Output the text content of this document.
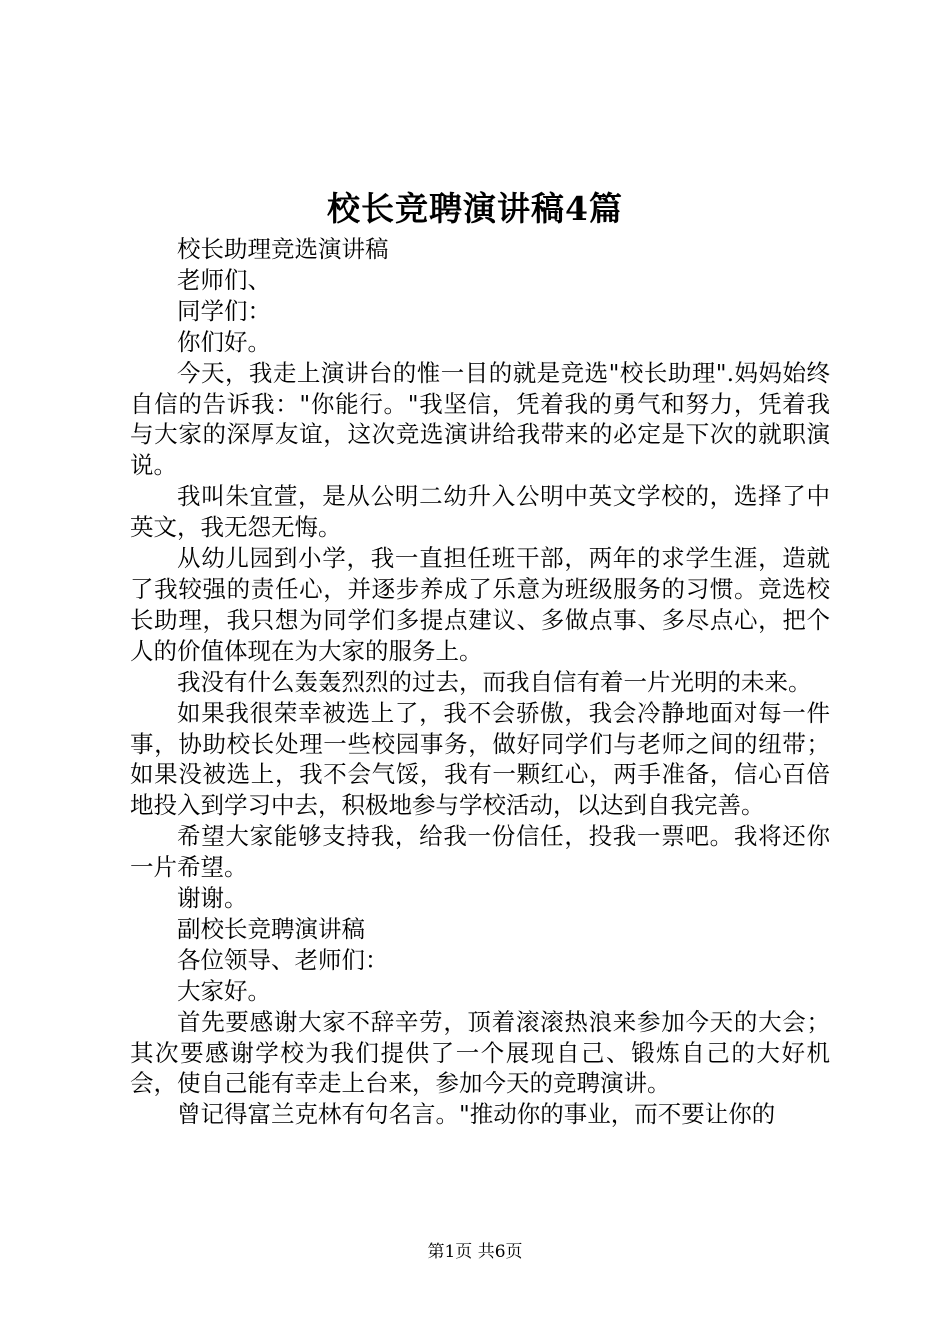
校长竞聘演讲稿4篇

校长助理竞选演讲稿

老师们、

同学们：

你们好。

今天，我走上演讲台的惟一目的就是竞选"校长助理".妈妈始终自信的告诉我："你能行。"我坚信，凭着我的勇气和努力，凭着我与大家的深厚友谊，这次竞选演讲给我带来的必定是下次的就职演说。

我叫朱宜萱，是从公明二幼升入公明中英文学校的，选择了中英文，我无怨无悔。

从幼儿园到小学，我一直担任班干部，两年的求学生涯，造就了我较强的责任心，并逐步养成了乐意为班级服务的习惯。竞选校长助理，我只想为同学们多提点建议、多做点事、多尽点心，把个人的价值体现在为大家的服务上。

我没有什么轰轰烈烈的过去，而我自信有着一片光明的未来。

如果我很荣幸被选上了，我不会骄傲，我会冷静地面对每一件事，协助校长处理一些校园事务，做好同学们与老师之间的纽带；如果没被选上，我不会气馁，我有一颗红心，两手准备，信心百倍地投入到学习中去，积极地参与学校活动，以达到自我完善。

希望大家能够支持我，给我一份信任，投我一票吧。我将还你一片希望。

谢谢。

副校长竞聘演讲稿

各位领导、老师们：

大家好。

首先要感谢大家不辞辛劳，顶着滚滚热浪来参加今天的大会；其次要感谢学校为我们提供了一个展现自己、锻炼自己的大好机会，使自己能有幸走上台来，参加今天的竞聘演讲。

曾记得富兰克林有句名言。"推动你的事业，而不要让你的

第1页 共6页
